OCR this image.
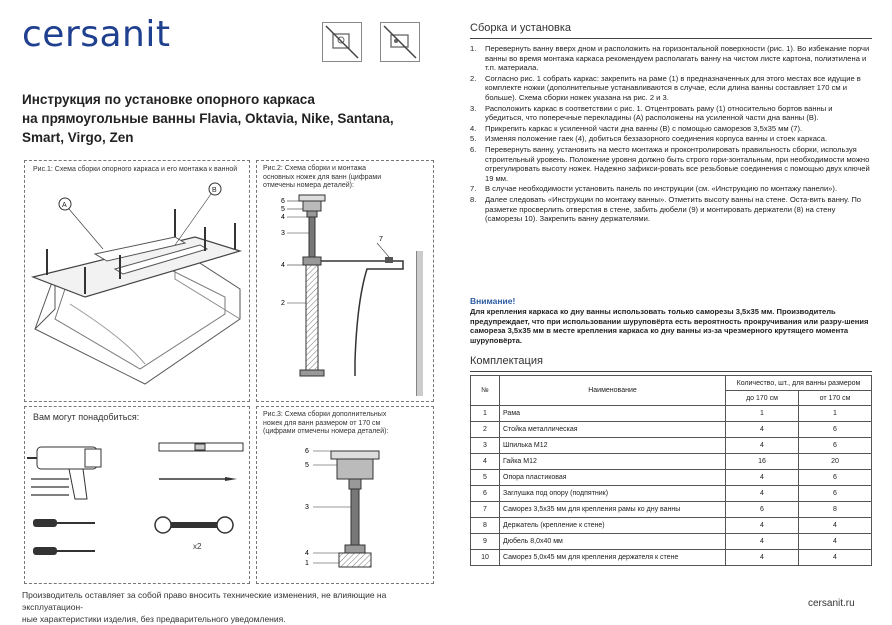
cersanit
Инструкция по установке опорного каркаса
на прямоугольные ванны Flavia, Oktavia, Nike, Santana,
Smart, Virgo, Zen
Рис.1: Схема сборки опорного каркаса и его монтажа к ванной
A
B
Рис.2: Схема сборки и монтажа основных ножек для ванн (цифрами отмечены номера деталей):
6
5
4
3
4
2
7
Вам могут понадобиться:
x2
Рис.3: Схема сборки дополнительных ножек для ванн размером от 170 см (цифрами отмечены номера деталей):
6
5
3
4
1
Производитель оставляет за собой право вносить технические изменения, не влияющие на эксплуатацион-
ные характеристики изделия, без предварительного уведомления.
Сборка и установка
1.	Перевернуть ванну вверх дном и расположить на горизонтальной поверхности (рис. 1). Во избежание порчи ванны во время монтажа каркаса рекомендуем располагать ванну на чистом листе картона, полиэтилена и т.п. материала.
2.	Согласно рис. 1 собрать каркас: закрепить на раме (1) в предназначенных для этого местах все идущие в комплекте ножки (дополнительные устанавливаются в случае, если длина ванны составляет 170 см и больше). Схема сборки ножек указана на рис. 2 и 3.
3.	Расположить каркас в соответствии с рис. 1. Отцентровать раму (1) относительно бортов ванны и убедиться, что поперечные перекладины (А) расположены на усиленной части дна ванны (В).
4.	Прикрепить каркас к усиленной части дна ванны (В) с помощью саморезов 3,5х35 мм (7).
5.	Изменяя положение гаек (4), добиться беззазорного соединения корпуса ванны и стоек каркаса.
6.	Перевернуть ванну, установить на место монтажа и проконтролировать правильность сборки, используя строительный уровень. Положение уровня должно быть строго гори-зонтальным, при необходимости можно отрегулировать высоту ножек. Надежно зафикси-ровать все резьбовые соединения с помощью двух ключей 19 мм.
7.	В случае необходимости установить панель по инструкции (см. «Инструкцию по монтажу панели»).
8.	Далее следовать «Инструкции по монтажу ванны». Отметить высоту ванны на стене. Оста-вить ванну. По разметке просверлить отверстия в стене, забить дюбели (9) и монтировать держатели (8) на стену (саморезы 10). Закрепить ванну держателями.
Внимание!
Для крепления каркаса ко дну ванны использовать только саморезы 3,5х35 мм. Производитель предупреждает, что при использовании шуруповёрта есть вероятность прокручивания или разру-шения самореза 3,5х35 мм в месте крепления каркаса ко дну ванны из-за чрезмерного крутящего момента шуруповёрта.
Комплектация
№	Наименование	Количество, шт., для ванны размером	
		до 170 см	от 170 см
1	Рама	1	1
2	Стойка металлическая	4	6
3	Шпилька М12	4	6
4	Гайка М12	16	20
5	Опора пластиковая	4	6
6	Заглушка под опору (подпятник)	4	6
7	Саморез 3,5х35 мм для крепления рамы ко дну ванны	6	8
8	Держатель (крепление к стене)	4	4
9	Дюбель 8,0х40 мм	4	4
10	Саморез 5,0х45 мм для крепления держателя к стене	4	4
cersanit.ru
